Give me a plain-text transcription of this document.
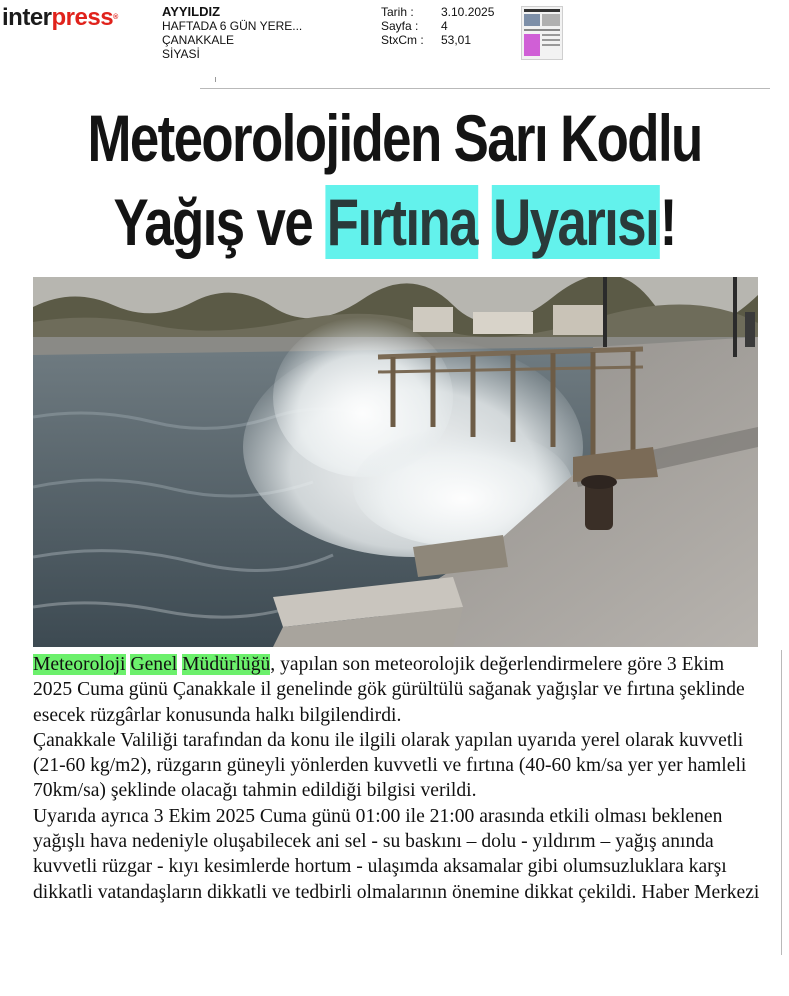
interpress®	AYYILDIZ
HAFTADA 6 GÜN YERE...
ÇANAKKALE
SİYASİ
Tarih :	3.10.2025
Sayfa :	4
StxCm :	53,01
Meteorolojiden Sarı Kodlu
Yağış ve Fırtına Uyarısı!

Meteoroloji Genel Müdürlüğü, yapılan son meteorolojik değerlendirmelere göre 3 Ekim 2025 Cuma günü Çanakkale il genelinde gök gürültülü sağanak yağışlar ve fırtına şeklinde esecek rüzgârlar konusunda halkı bilgilendirdi.

Çanakkale Valiliği tarafından da konu ile ilgili olarak yapılan uyarıda yerel olarak kuvvetli (21-60 kg/m2), rüzgarın güneyli yönlerden kuvvetli ve fırtına (40-60 km/sa yer yer hamleli 70km/sa) şeklinde olacağı tahmin edildiği bilgisi verildi.

Uyarıda ayrıca 3 Ekim 2025 Cuma günü 01:00 ile 21:00 arasında etkili olması beklenen yağışlı hava nedeniyle oluşabilecek ani sel - su baskını – dolu - yıldırım – yağış anında kuvvetli rüzgar - kıyı kesimlerde hortum - ulaşımda aksamalar gibi olumsuzluklara karşı dikkatli vatandaşların dikkatli ve tedbirli olmalarının önemine dikkat çekildi. Haber Merkezi
